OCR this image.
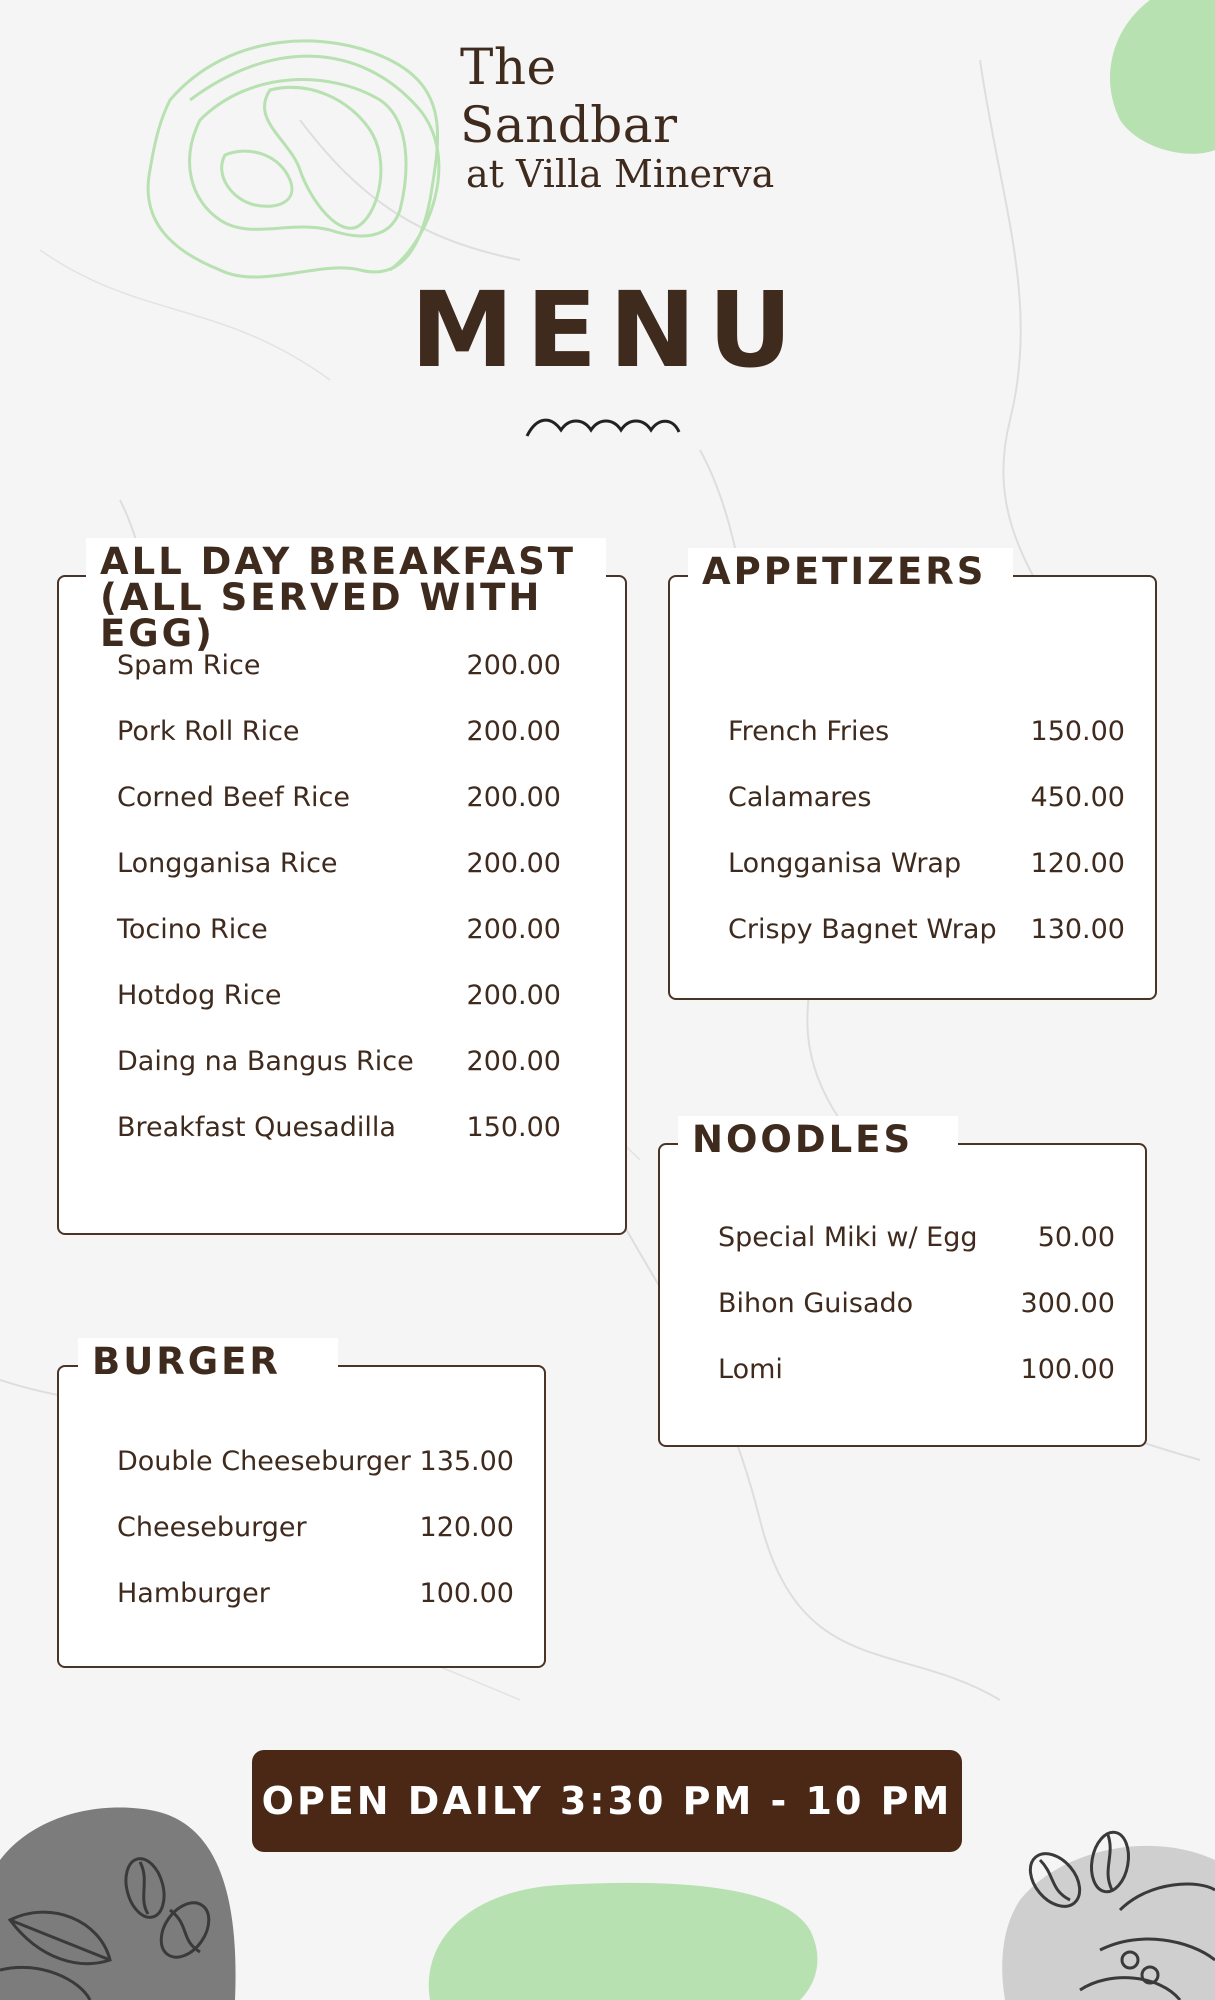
The Sandbar
at Villa Minerva
MENU
ALL DAY BREAKFAST
(ALL SERVED WITH EGG)
Spam Rice	200.00
Pork Roll Rice	200.00
Corned Beef Rice	200.00
Longganisa Rice	200.00
Tocino Rice	200.00
Hotdog Rice	200.00
Daing na Bangus Rice 200.00
Breakfast Quesadilla	150.00
APPETIZERS
French Fries	150.00
Calamares	450.00
Longganisa Wrap	120.00
Crispy Bagnet Wrap 130.00
NOODLES
Special Miki w/ Egg 50.00
Bihon Guisado	300.00
Lomi	100.00
BURGER
Double Cheeseburger 135.00
Cheeseburger	120.00
Hamburger	100.00
OPEN DAILY 3:30 PM - 10 PM
